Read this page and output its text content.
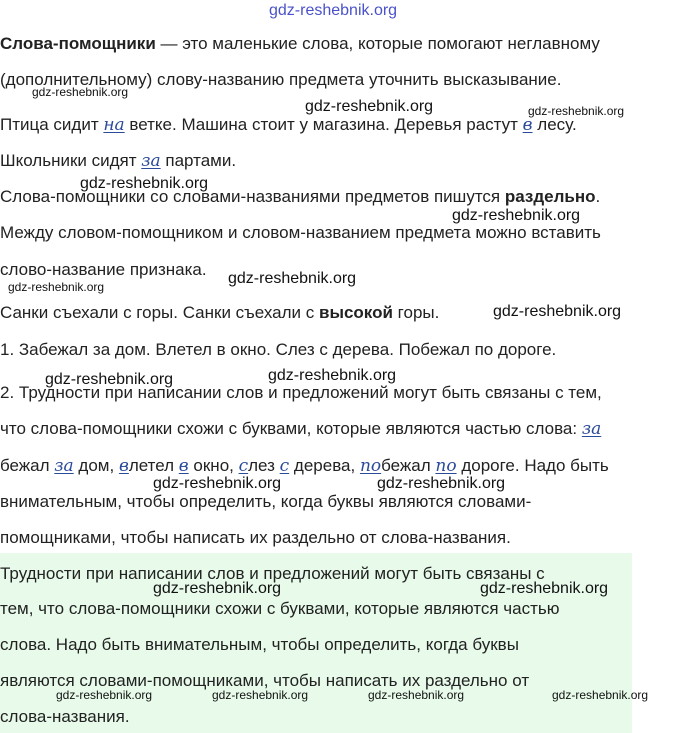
gdz-reshebnik.org

Слова-помощники — это маленькие слова, которые помогают неглавному

(дополнительному) слову-названию предмета уточнить высказывание.

Птица сидит на ветке. Машина стоит у магазина. Деревья растут в лесу.

Школьники сидят за партами.

Слова-помощники со словами-названиями предметов пишутся раздельно.

Между словом-помощником и словом-названием предмета можно вставить

слово-название признака.

Санки съехали с горы. Санки съехали с высокой горы.

1. Забежал за дом. Влетел в окно. Слез с дерева. Побежал по дороге.

2. Трудности при написании слов и предложений могут быть связаны с тем,

что слова-помощники схожи с буквами, которые являются частью слова: за

бежал за дом, влетел в окно, слез с дерева, побежал по дороге. Надо быть

внимательным, чтобы определить, когда буквы являются словами-

помощниками, чтобы написать их раздельно от слова-названия.

Трудности при написании слов и предложений могут быть связаны с

тем, что слова-помощники схожи с буквами, которые являются частью

слова. Надо быть внимательным, чтобы определить, когда буквы

являются словами-помощниками, чтобы написать их раздельно от

слова-названия.

gdz-reshebnik.org
gdz-reshebnik.org	gdz-reshebnik.org
gdz-reshebnik.org
gdz-reshebnik.org
gdz-reshebnik.org
gdz-reshebnik.org
gdz-reshebnik.org
gdz-reshebnik.org
gdz-reshebnik.org
gdz-reshebnik.org	gdz-reshebnik.org
gdz-reshebnik.org	gdz-reshebnik.org
gdz-reshebnik.org	gdz-reshebnik.org	gdz-reshebnik.org	gdz-reshebnik.org
